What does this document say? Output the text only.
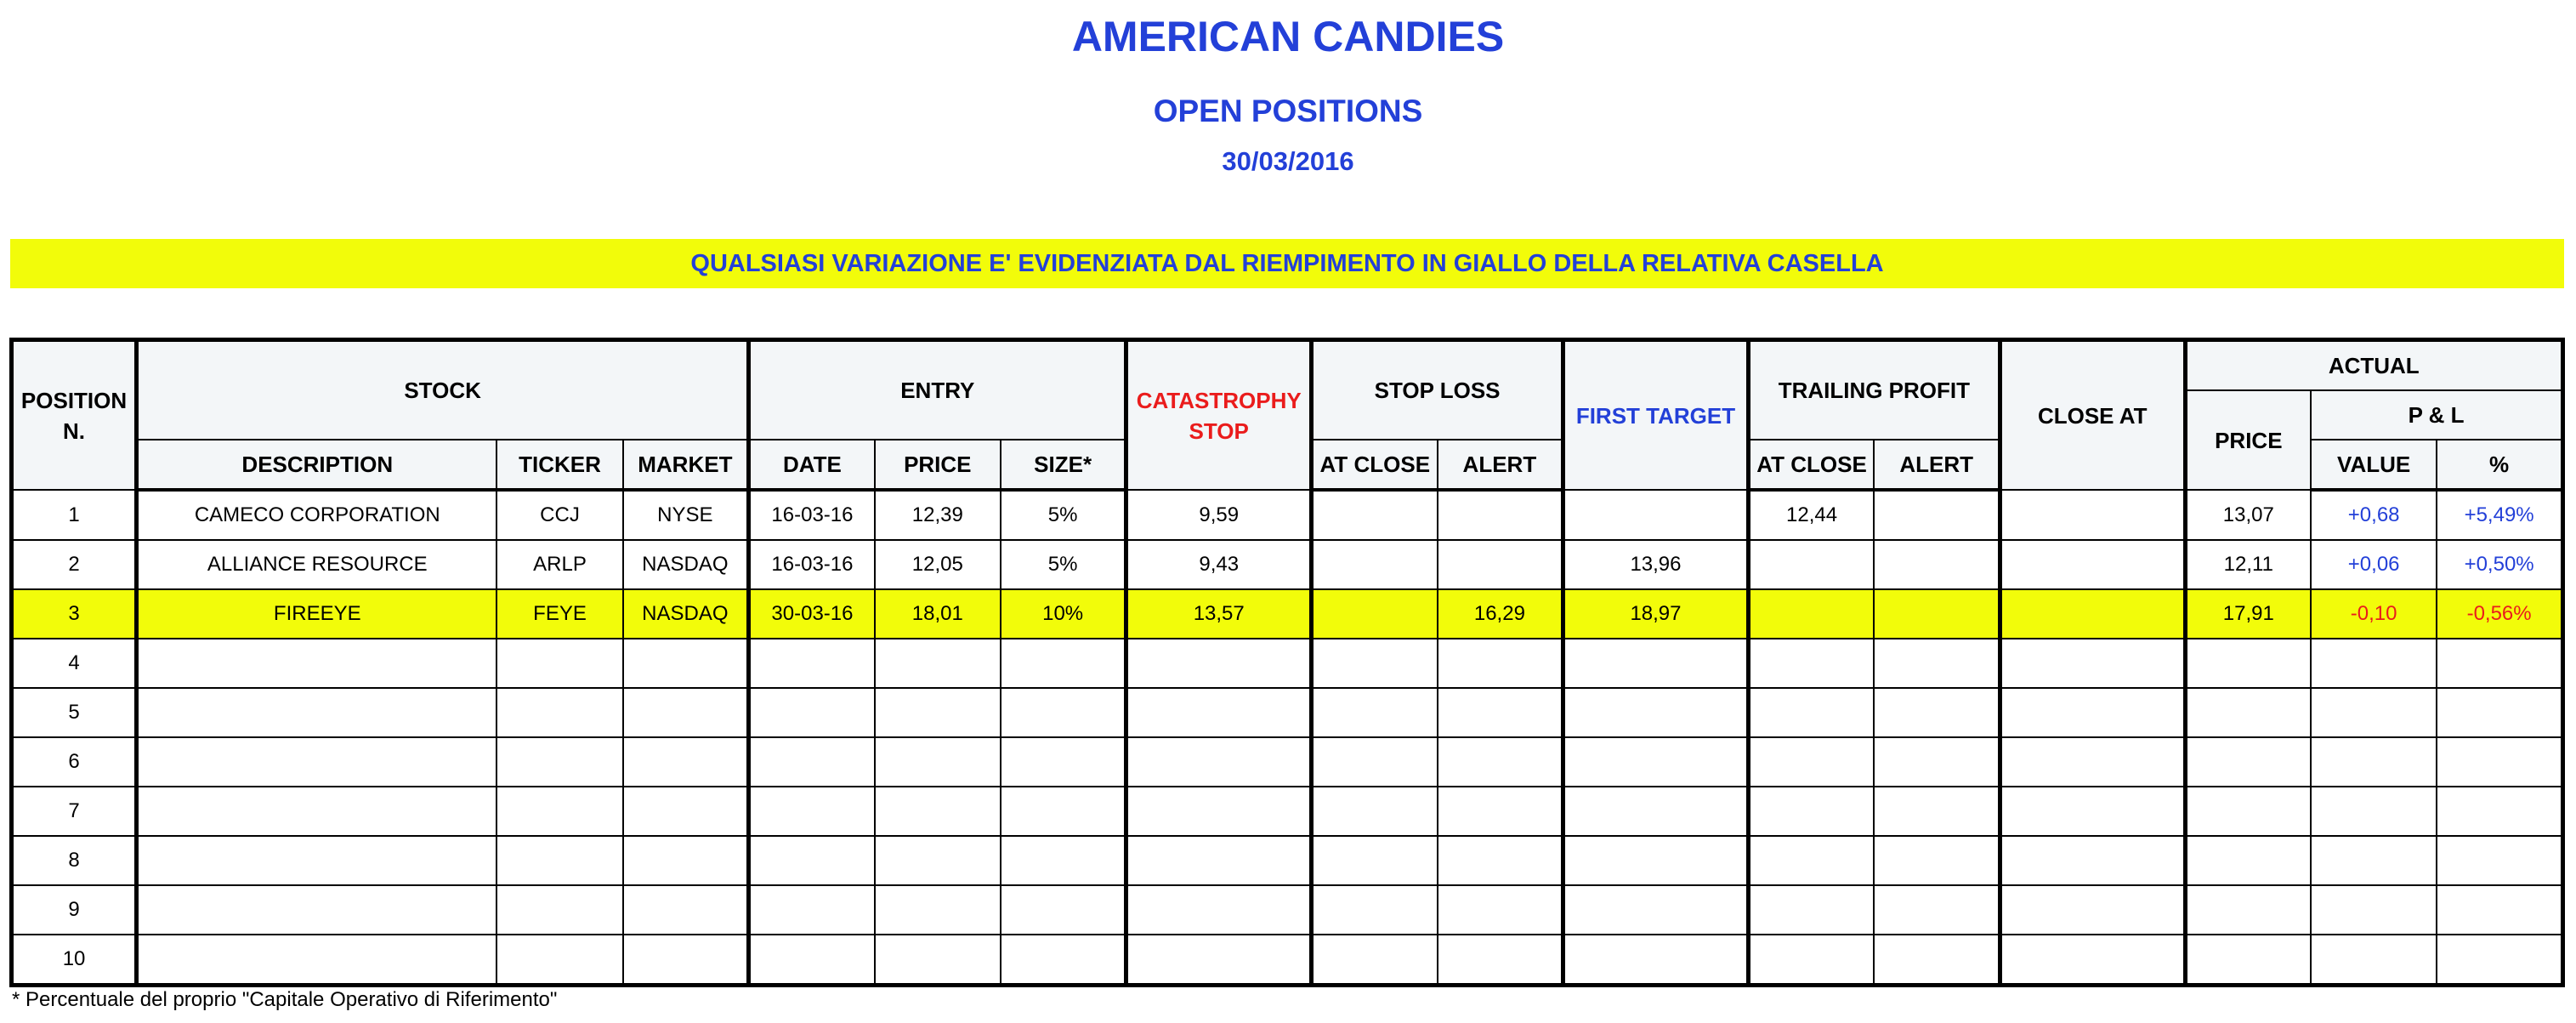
AMERICAN CANDIES
OPEN POSITIONS
30/03/2016
QUALSIASI VARIAZIONE E' EVIDENZIATA DAL RIEMPIMENTO IN GIALLO DELLA RELATIVA CASELLA
POSITION N.	STOCK			ENTRY			CATASTROPHY STOP	STOP LOSS		FIRST TARGET	TRAILING PROFIT		CLOSE AT	ACTUAL		
														PRICE	P & L	
	DESCRIPTION	TICKER	MARKET	DATE	PRICE	SIZE*		AT CLOSE	ALERT		AT CLOSE	ALERT			VALUE	%
1	CAMECO CORPORATION	CCJ	NYSE	16-03-16	12,39	5%	9,59				12,44			13,07	+0,68	+5,49%
2	ALLIANCE RESOURCE	ARLP	NASDAQ	16-03-16	12,05	5%	9,43			13,96				12,11	+0,06	+0,50%
3	FIREEYE	FEYE	NASDAQ	30-03-16	18,01	10%	13,57		16,29	18,97				17,91	-0,10	-0,56%
4																
5																
6																
7																
8																
9																
10																
* Percentuale del proprio "Capitale Operativo di Riferimento"
